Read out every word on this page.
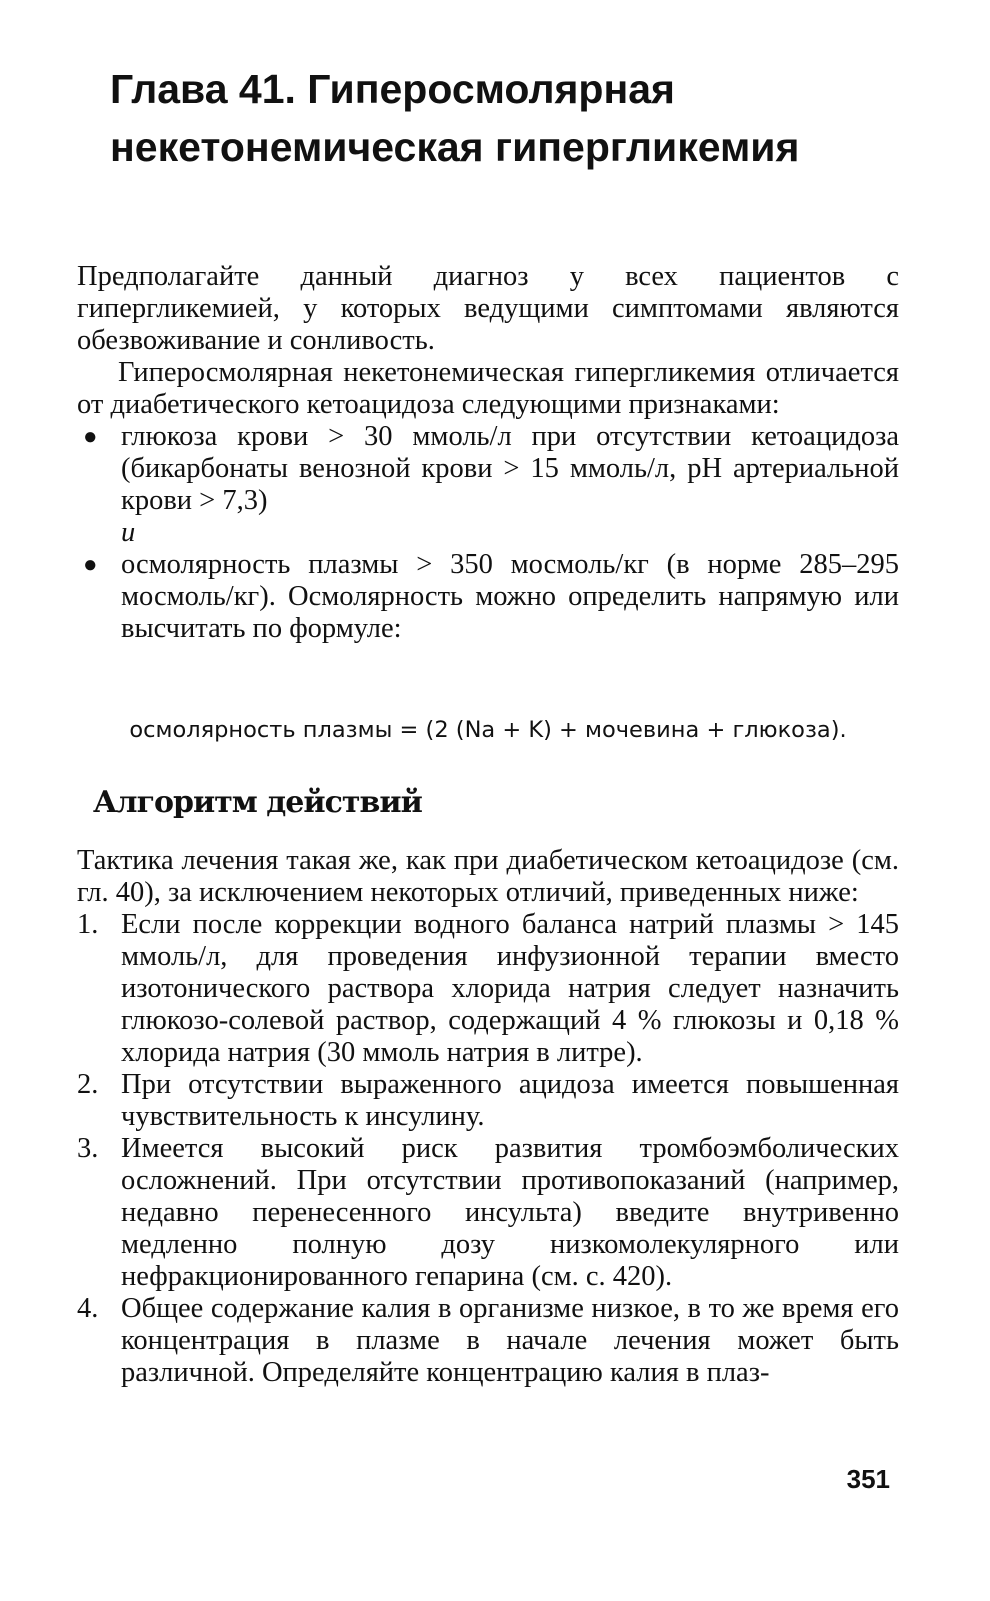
Глава 41. Гиперосмолярная
некетонемическая гипергликемия

Предполагайте данный диагноз у всех пациентов с гипергликемией, у которых ведущими симптомами являются обезвоживание и сонливость.

Гиперосмолярная некетонемическая гипергликемия отличается от диабетического кетоацидоза следующими признаками:

● глюкоза крови > 30 ммоль/л при отсутствии кетоацидоза (бикарбонаты венозной крови > 15 ммоль/л, pH артериальной крови > 7,3)

и

● осмолярность плазмы > 350 мосмоль/кг (в норме 285–295 мосмоль/кг). Осмолярность можно определить напрямую или высчитать по формуле:

осмолярность плазмы = (2 (Na + K) + мочевина + глюкоза).

Алгоритм действий

Тактика лечения такая же, как при диабетическом кетоацидозе (см. гл. 40), за исключением некоторых отличий, приведенных ниже:

1. Если после коррекции водного баланса натрий плазмы > 145 ммоль/л, для проведения инфузионной терапии вместо изотонического раствора хлорида натрия следует назначить глюкозо-солевой раствор, содержащий 4 % глюкозы и 0,18 % хлорида натрия (30 ммоль натрия в литре).
2. При отсутствии выраженного ацидоза имеется повышенная чувствительность к инсулину.
3. Имеется высокий риск развития тромбоэмболических осложнений. При отсутствии противопоказаний (например, недавно перенесенного инсульта) введите внутривенно медленно полную дозу низкомолекулярного или нефракционированного гепарина (см. с. 420).
4. Общее содержание калия в организме низкое, в то же время его концентрация в плазме в начале лечения может быть различной. Определяйте концентрацию калия в плаз-

351
